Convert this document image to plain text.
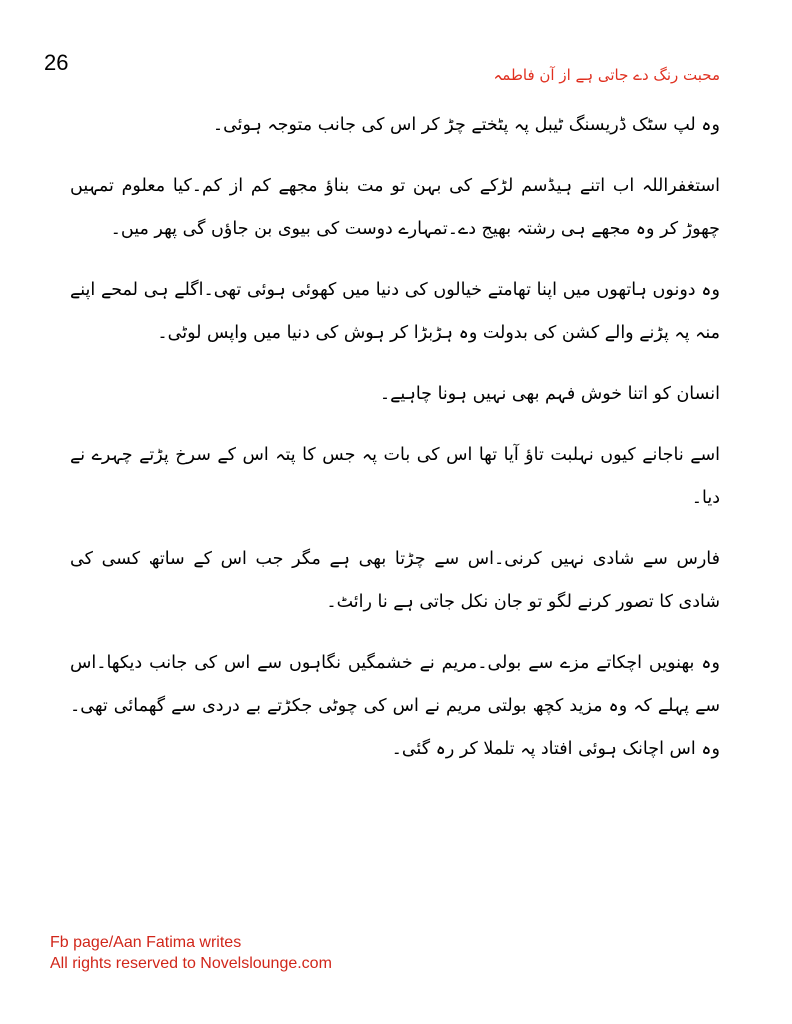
26	محبت رنگ دے جاتی ہے از آن فاطمہ

وہ لپ سٹک ڈریسنگ ٹیبل پہ پٹختے چڑ کر اس کی جانب متوجہ ہوئی۔

استغفراللہ اب اتنے ہیڈسم لڑکے کی بہن تو مت بناؤ مجھے کم از کم۔کیا معلوم تمہیں چھوڑ کر وہ مجھے ہی رشتہ بھیج دے۔تمہارے دوست کی بیوی بن جاؤں گی پھر میں۔

وہ دونوں ہاتھوں میں اپنا تھامتے خیالوں کی دنیا میں کھوئی ہوئی تھی۔اگلے ہی لمحے اپنے منہ پہ پڑنے والے کشن کی بدولت وہ ہڑبڑا کر ہوش کی دنیا میں واپس لوٹی۔

انسان کو اتنا خوش فہم بھی نہیں ہونا چاہیے۔

اسے ناجانے کیوں نہلبت تاؤ آیا تھا اس کی بات پہ جس کا پتہ اس کے سرخ پڑتے چہرے نے دیا۔

فارس سے شادی نہیں کرنی۔اس سے چڑتا بھی ہے مگر جب اس کے ساتھ کسی کی شادی کا تصور کرنے لگو تو جان نکل جاتی ہے نا رائٹ۔

وہ بھنویں اچکاتے مزے سے بولی۔مریم نے خشمگیں نگاہوں سے اس کی جانب دیکھا۔اس سے پہلے کہ وہ مزید کچھ بولتی مریم نے اس کی چوٹی جکڑتے بے دردی سے گھمائی تھی۔وہ اس اچانک ہوئی افتاد پہ تلملا کر رہ گئی۔

Fb page/Aan Fatima writes
All rights reserved to Novelslounge.com
